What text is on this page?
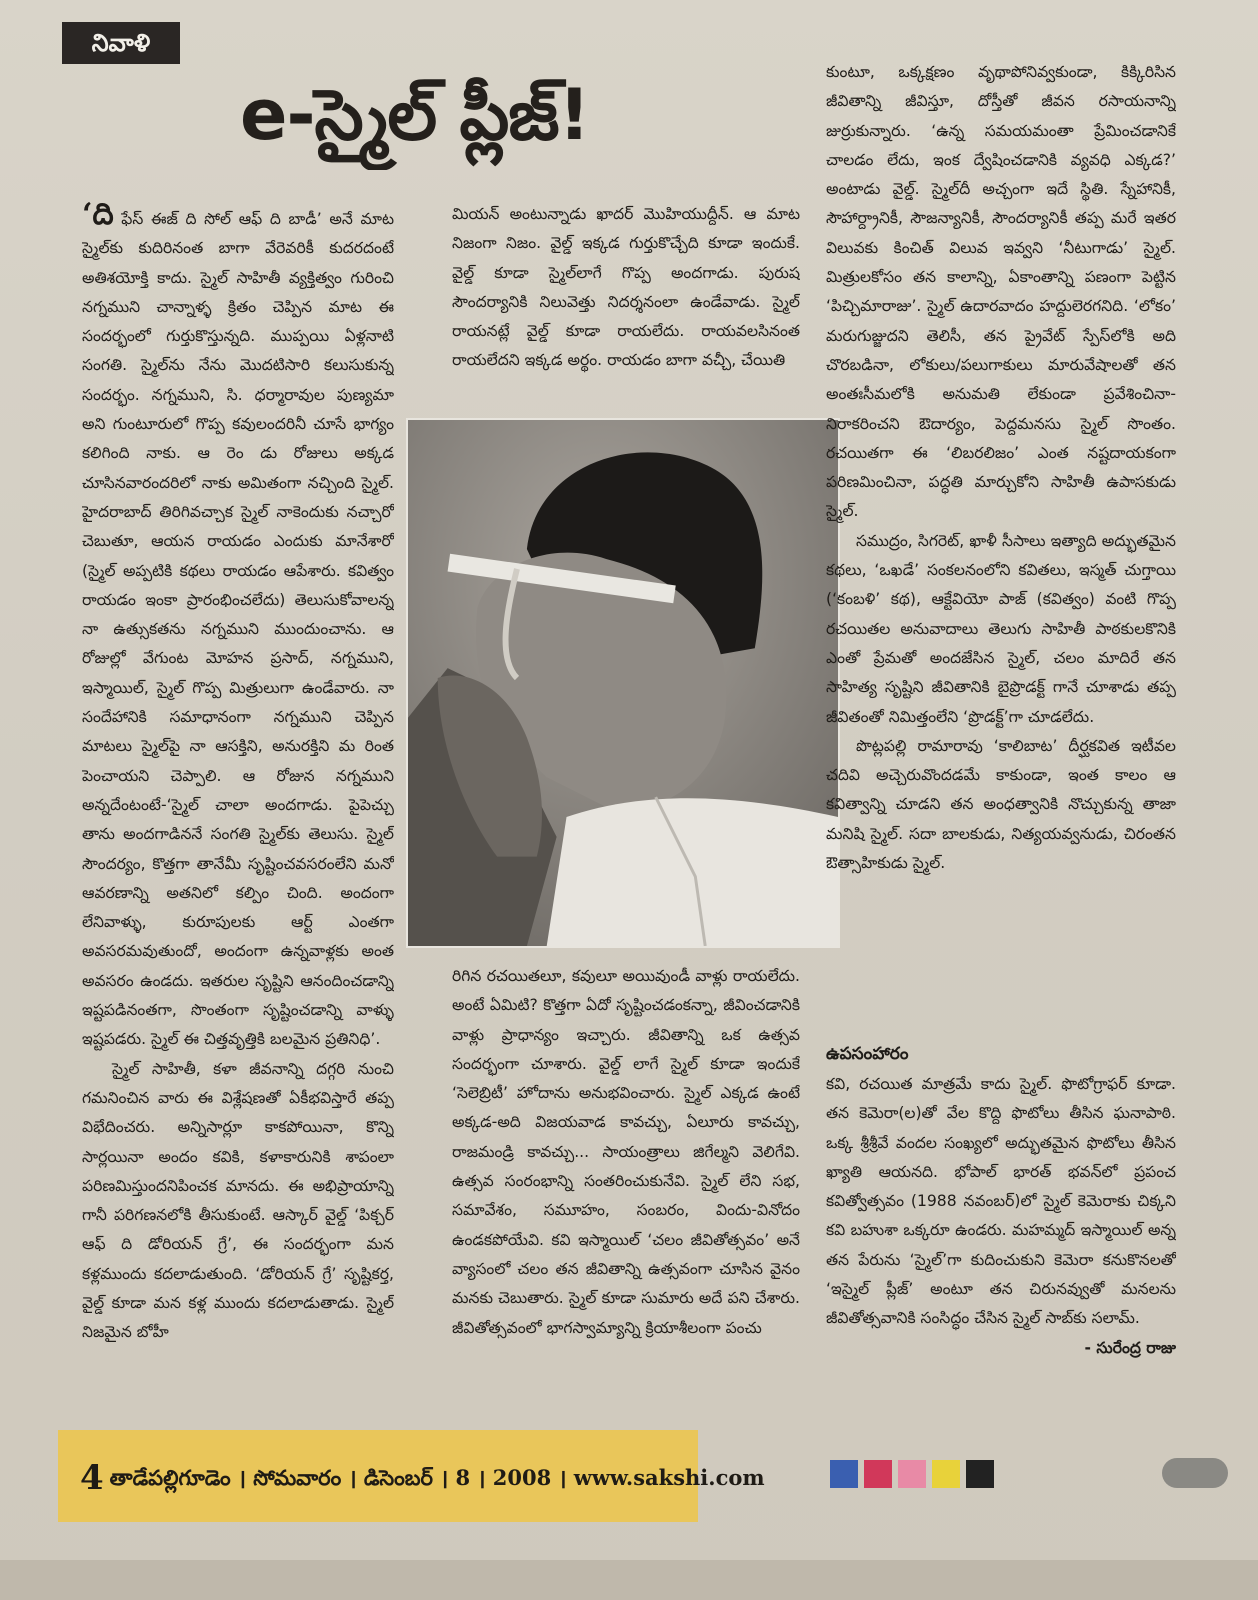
నివాళి
e-స్మైల్ ప్లీజ్!

‘ది ఫేస్ ఈజ్ ది సోల్ ఆఫ్ ది బాడీ’ అనే మాట స్మైల్‌కు కుదిరినంత బాగా వేరెవరికీ కుదరదంటే అతిశయోక్తి కాదు. స్మైల్ సాహితీ వ్యక్తిత్వం గురించి నగ్నముని చాన్నాళ్ళ క్రితం చెప్పిన మాట ఈ సందర్భంలో గుర్తుకొస్తున్నది. ముప్పయి ఏళ్లనాటి సంగతి. స్మైల్‌ను నేను మొదటిసారి కలుసుకున్న సందర్భం. నగ్నముని, సి. ధర్మారావుల పుణ్యమా అని గుంటూరులో గొప్ప కవులందరినీ చూసే భాగ్యం కలిగింది నాకు. ఆ రెం డు రోజులు అక్కడ చూసినవారందరిలో నాకు అమితంగా నచ్చింది స్మైల్. హైదరాబాద్ తిరిగివచ్చాక స్మైల్ నాకెందుకు నచ్చారో చెబుతూ, ఆయన రాయడం ఎందుకు మానేశారో (స్మైల్ అప్పటికి కథలు రాయడం ఆపేశారు. కవిత్వం రాయడం ఇంకా ప్రారంభించలేదు) తెలుసుకోవాలన్న నా ఉత్సుకతను నగ్నముని ముందుంచాను. ఆ రోజుల్లో వేగుంట మోహన ప్రసాద్, నగ్నముని, ఇస్మాయిల్, స్మైల్ గొప్ప మిత్రులుగా ఉండేవారు. నా సందేహానికి సమాధానంగా నగ్నముని చెప్పిన మాటలు స్మైల్‌పై నా ఆసక్తిని, అనురక్తిని మ రింత పెంచాయని చెప్పాలి. ఆ రోజున నగ్నముని అన్నదేంటంటే-‘స్మైల్ చాలా అందగాడు. పైపెచ్చు తాను అందగాడిననే సంగతి స్మైల్‌కు తెలుసు. స్మైల్ సౌందర్యం, కొత్తగా తానేమీ సృష్టించవసరంలేని మనో ఆవరణాన్ని అతనిలో కల్పిం చింది. అందంగా లేనివాళ్ళు, కురూపులకు ఆర్ట్ ఎంతగా అవసరమవుతుందో, అందంగా ఉన్నవాళ్లకు అంత అవసరం ఉండదు. ఇతరుల సృష్టిని ఆనందించడాన్ని ఇష్టపడినంతగా, సొంతంగా సృష్టించడాన్ని వాళ్ళు ఇష్టపడరు. స్మైల్ ఈ చిత్తవృత్తికి బలమైన ప్రతినిధి’.

స్మైల్ సాహితీ, కళా జీవనాన్ని దగ్గరి నుంచి గమనించిన వారు ఈ విశ్లేషణతో ఏకీభవిస్తారే తప్ప విభేదించరు. అన్నిసార్లూ కాకపోయినా, కొన్ని సార్లయినా అందం కవికి, కళాకారునికి శాపంలా పరిణమిస్తుందనిపించక మానదు. ఈ అభిప్రాయాన్ని గానీ పరిగణనలోకి తీసుకుంటే. ఆస్కార్ వైల్డ్ ‘పిక్చర్ ఆఫ్ ది డోరియన్ గ్రే’, ఈ సందర్భంగా మన కళ్లముందు కదలాడుతుంది. ‘డోరియన్ గ్రే’ సృష్టికర్త, వైల్డ్ కూడా మన కళ్ల ముందు కదలాడుతాడు. స్మైల్ నిజమైన బోహీ

మియన్ అంటున్నాడు ఖాదర్ మొహియుద్దీన్. ఆ మాట నిజంగా నిజం. వైల్డ్ ఇక్కడ గుర్తుకొచ్చేది కూడా ఇందుకే. వైల్డ్ కూడా స్మైల్‌లాగే గొప్ప అందగాడు. పురుష సౌందర్యానికి నిలువెత్తు నిదర్శనంలా ఉండేవాడు. స్మైల్ రాయనట్లే వైల్డ్ కూడా రాయలేదు. రాయవలసినంత రాయలేదని ఇక్కడ అర్థం. రాయడం బాగా వచ్చీ, చేయితి

రిగిన రచయితలూ, కవులూ అయివుండీ వాళ్లు రాయలేదు. అంటే ఏమిటి? కొత్తగా ఏదో సృష్టించడంకన్నా, జీవించడానికి వాళ్లు ప్రాధాన్యం ఇచ్చారు. జీవితాన్ని ఒక ఉత్సవ సందర్భంగా చూశారు. వైల్డ్ లాగే స్మైల్ కూడా ఇందుకే ‘సెలెబ్రిటీ’ హోదాను అనుభవించారు. స్మైల్ ఎక్కడ ఉంటే అక్కడ-అది విజయవాడ కావచ్చు, ఏలూరు కావచ్చు, రాజమండ్రి కావచ్చు... సాయంత్రాలు జిగేల్మని వెలిగేవి. ఉత్సవ సంరంభాన్ని సంతరించుకునేవి. స్మైల్ లేని సభ, సమావేశం, సమూహం, సంబరం, విందు-వినోదం ఉండకపోయేవి. కవి ఇస్మాయిల్ ‘చలం జీవితోత్సవం’ అనే వ్యాసంలో చలం తన జీవితాన్ని ఉత్సవంగా చూసిన వైనం మనకు చెబుతారు. స్మైల్ కూడా సుమారు అదే పని చేశారు. జీవితోత్సవంలో భాగస్వామ్యాన్ని క్రియాశీలంగా పంచు

కుంటూ, ఒక్కక్షణం వృథాపోనివ్వకుండా, కిక్కిరిసిన జీవితాన్ని జీవిస్తూ, దోస్తీతో జీవన రసాయనాన్ని జుర్రుకున్నారు. ‘ఉన్న సమయమంతా ప్రేమించడానికే చాలడం లేదు, ఇంక ద్వేషించడానికి వ్యవధి ఎక్కడ?’ అంటాడు వైల్డ్. స్మైల్‌దీ అచ్చంగా ఇదే స్థితి. స్నేహానికీ, సౌహార్ద్రానికీ, సౌజన్యానికీ, సౌందర్యానికీ తప్ప మరే ఇతర విలువకు కించిత్ విలువ ఇవ్వని ‘నీటుగాడు’ స్మైల్. మిత్రులకోసం తన కాలాన్ని, ఏకాంతాన్ని పణంగా పెట్టిన ‘పిచ్చిమారాజు’. స్మైల్ ఉదారవాదం హద్దులెరగనిది. ‘లోకం’ మరుగుజ్జుదని తెలిసీ, తన ప్రైవేట్ స్పేస్‌లోకి అది చొరబడినా, లోకులు/పలుగాకులు మారువేషాలతో తన అంతఃసీమలోకి అనుమతి లేకుండా ప్రవేశించినా-నిరాకరించని ఔదార్యం, పెద్దమనసు స్మైల్ సొంతం. రచయితగా ఈ ‘లిబరలిజం’ ఎంత నష్టదాయకంగా పరిణమించినా, పద్ధతి మార్చుకోని సాహితీ ఉపాసకుడు స్మైల్.

సముద్రం, సిగరెట్, ఖాళీ సీసాలు ఇత్యాది అద్భుతమైన కథలు, ‘ఒఖడే’ సంకలనంలోని కవితలు, ఇస్మత్ చుగ్తాయి (‘కంబళి’ కథ), ఆక్టేవియో పాజ్ (కవిత్వం) వంటి గొప్ప రచయితల అనువాదాలు తెలుగు సాహితీ పాఠకులకొనికి ఎంతో ప్రేమతో అందజేసిన స్మైల్, చలం మాదిరే తన సాహిత్య సృష్టిని జీవితానికి బైప్రొడక్ట్ గానే చూశాడు తప్ప జీవితంతో నిమిత్తంలేని ‘ప్రొడక్ట్’గా చూడలేదు.

పొట్లపల్లి రామారావు ‘కాలిబాట’ దీర్ఘకవిత ఇటీవల చదివి అచ్చెరువొందడమే కాకుండా, ఇంత కాలం ఆ కవిత్వాన్ని చూడని తన అంధత్వానికి నొచ్చుకున్న తాజా మనిషి స్మైల్. సదా బాలకుడు, నిత్యయవ్వనుడు, చిరంతన ఔత్సాహికుడు స్మైల్.

ఉపసంహారం

కవి, రచయిత మాత్రమే కాదు స్మైల్. ఫొటోగ్రాఫర్ కూడా. తన కెమెరా(ల)తో వేల కొద్ది ఫొటోలు తీసిన ఘనాపాఠి. ఒక్క శ్రీశ్రీవే వందల సంఖ్యలో అద్భుతమైన ఫొటోలు తీసిన ఖ్యాతి ఆయనది. భోపాల్ భారత్ భవన్‌లో ప్రపంచ కవిత్వోత్సవం (1988 నవంబర్)లో స్మైల్ కెమెరాకు చిక్కని కవి బహుశా ఒక్కరూ ఉండరు. మహమ్మద్ ఇస్మాయిల్ అన్న తన పేరును ‘స్మైల్’గా కుదించుకుని కెమెరా కనుకొనలతో ‘ఇస్మైల్ ప్లీజ్’ అంటూ తన చిరునవ్వుతో మనలను జీవితోత్సవానికి సంసిద్ధం చేసిన స్మైల్ సాబ్‌కు సలామ్.

- సురేంద్ర రాజు

4 తాడేపల్లిగూడెం । సోమవారం । డిసెంబర్ । 8 । 2008 । www.sakshi.com
